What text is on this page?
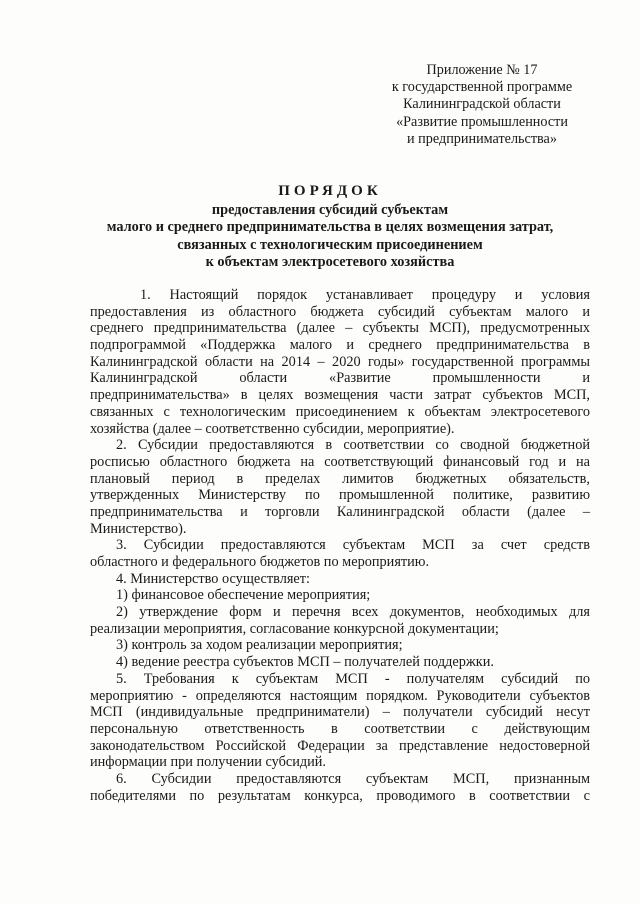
Приложение № 17
к государственной программе
Калининградской области
«Развитие промышленности
и предпринимательства»
ПОРЯДОК
предоставления субсидий субъектам
малого и среднего предпринимательства в целях возмещения затрат,
связанных с технологическим присоединением
к объектам электросетевого хозяйства
1. Настоящий порядок устанавливает процедуру и условия
предоставления из областного бюджета субсидий субъектам малого и
среднего предпринимательства (далее – субъекты МСП), предусмотренных
подпрограммой «Поддержка малого и среднего предпринимательства в
Калининградской области на 2014 – 2020 годы» государственной программы
Калининградской области «Развитие промышленности и
предпринимательства» в целях возмещения части затрат субъектов МСП,
связанных с технологическим присоединением к объектам электросетевого
хозяйства (далее – соответственно субсидии, мероприятие).
2. Субсидии предоставляются в соответствии со сводной бюджетной
росписью областного бюджета на соответствующий финансовый год и на
плановый период в пределах лимитов бюджетных обязательств,
утвержденных Министерству по промышленной политике, развитию
предпринимательства и торговли Калининградской области (далее –
Министерство).
3. Субсидии предоставляются субъектам МСП за счет средств
областного и федерального бюджетов по мероприятию.
4. Министерство осуществляет:
1) финансовое обеспечение мероприятия;
2) утверждение форм и перечня всех документов, необходимых для
реализации мероприятия, согласование конкурсной документации;
3) контроль за ходом реализации мероприятия;
4) ведение реестра субъектов МСП – получателей поддержки.
5. Требования к субъектам МСП - получателям субсидий по
мероприятию - определяются настоящим порядком. Руководители субъектов
МСП (индивидуальные предприниматели) – получатели субсидий несут
персональную ответственность в соответствии с действующим
законодательством Российской Федерации за представление недостоверной
информации при получении субсидий.
6. Субсидии предоставляются субъектам МСП, признанным
победителями по результатам конкурса, проводимого в соответствии с
